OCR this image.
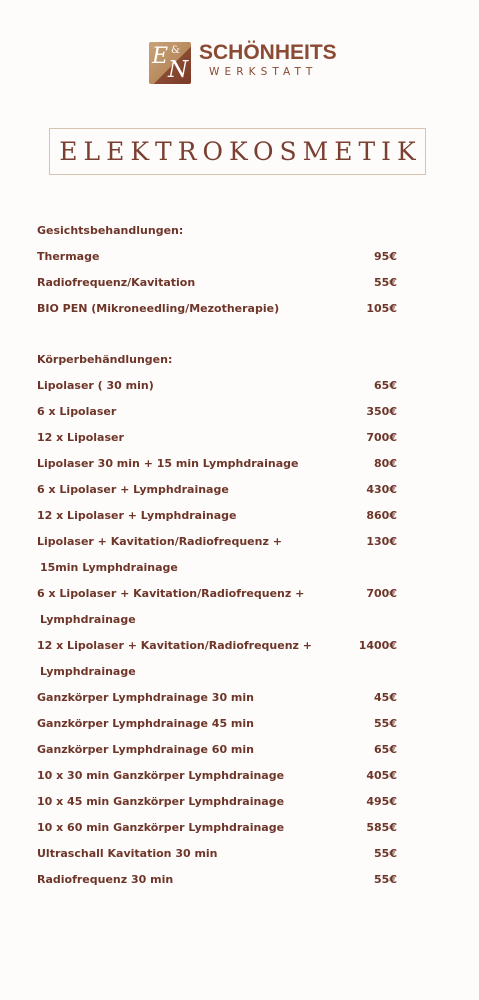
E &
N
SCHÖNHEITS
WERKSTATT
ELEKTROKOSMETIK
Gesichtsbehandlungen:
Thermage	95€
Radiofrequenz/Kavitation	55€
BIO PEN (Mikroneedling/Mezotherapie)	105€
Körperbehändlungen:
Lipolaser ( 30 min)	65€
6 x Lipolaser	350€
12 x Lipolaser	700€
Lipolaser 30 min + 15 min Lymphdrainage	80€
6 x Lipolaser + Lymphdrainage	430€
12 x Lipolaser + Lymphdrainage	860€
Lipolaser + Kavitation/Radiofrequenz +	130€
15min Lymphdrainage
6 x Lipolaser + Kavitation/Radiofrequenz +	700€
Lymphdrainage
12 x Lipolaser + Kavitation/Radiofrequenz +	1400€
Lymphdrainage
Ganzkörper Lymphdrainage 30 min	45€
Ganzkörper Lymphdrainage 45 min	55€
Ganzkörper Lymphdrainage 60 min	65€
10 x 30 min Ganzkörper Lymphdrainage	405€
10 x 45 min Ganzkörper Lymphdrainage	495€
10 x 60 min Ganzkörper Lymphdrainage	585€
Ultraschall Kavitation 30 min	55€
Radiofrequenz 30 min	55€
